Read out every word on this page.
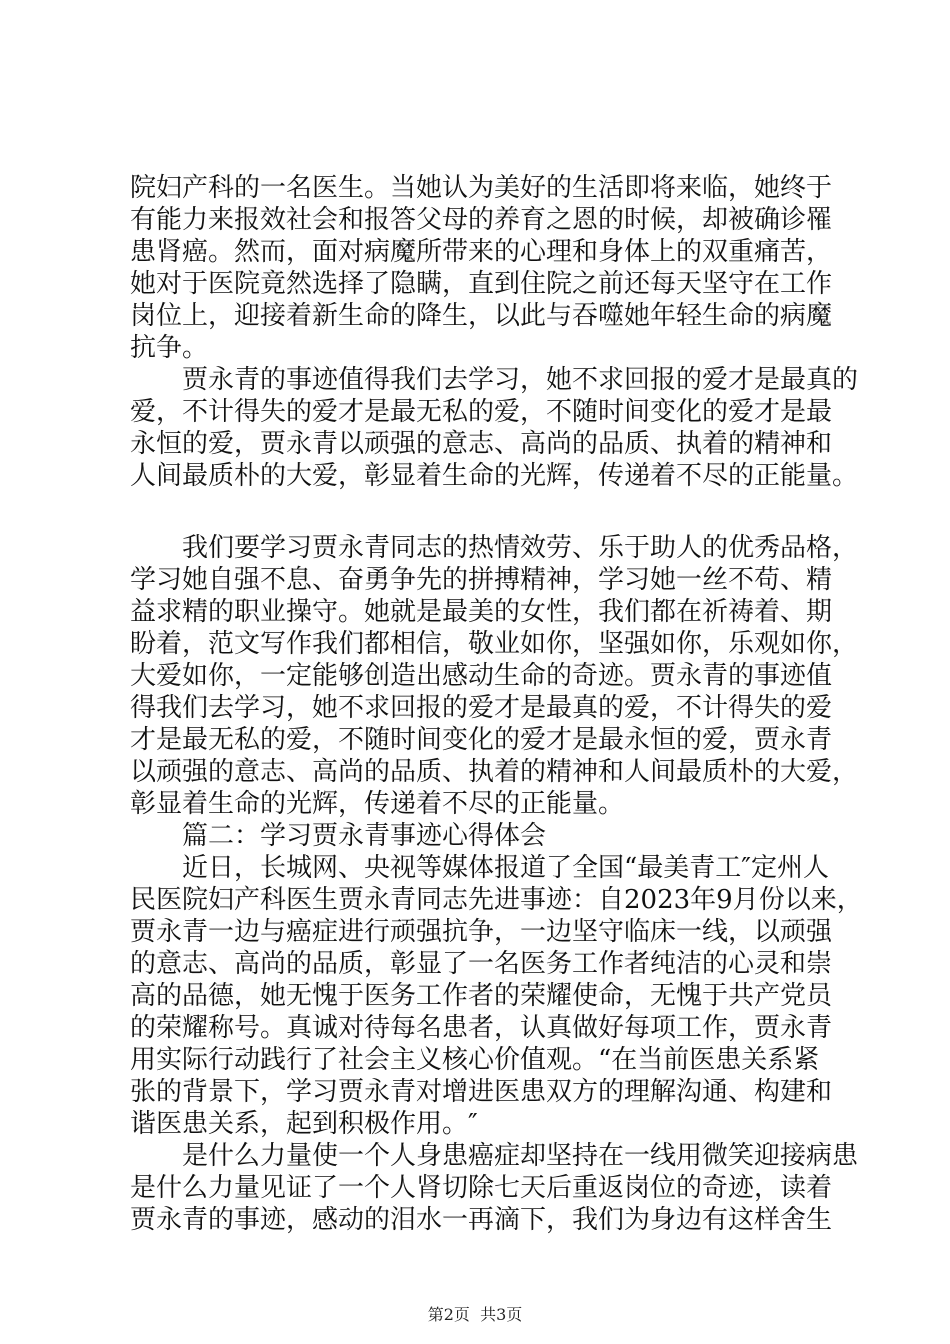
院妇产科的一名医生。当她认为美好的生活即将来临，她终于
有能力来报效社会和报答父母的养育之恩的时候，却被确诊罹
患肾癌。然而，面对病魔所带来的心理和身体上的双重痛苦，
她对于医院竟然选择了隐瞒，直到住院之前还每天坚守在工作
岗位上，迎接着新生命的降生，以此与吞噬她年轻生命的病魔
抗争。
　　贾永青的事迹值得我们去学习，她不求回报的爱才是最真的
爱，不计得失的爱才是最无私的爱，不随时间变化的爱才是最
永恒的爱，贾永青以顽强的意志、高尚的品质、执着的精神和
人间最质朴的大爱，彰显着生命的光辉，传递着不尽的正能量。
　　我们要学习贾永青同志的热情效劳、乐于助人的优秀品格，
学习她自强不息、奋勇争先的拼搏精神，学习她一丝不苟、精
益求精的职业操守。她就是最美的女性，我们都在祈祷着、期
盼着，范文写作我们都相信，敬业如你，坚强如你，乐观如你，
大爱如你，一定能够创造出感动生命的奇迹。贾永青的事迹值
得我们去学习，她不求回报的爱才是最真的爱，不计得失的爱
才是最无私的爱，不随时间变化的爱才是最永恒的爱，贾永青
以顽强的意志、高尚的品质、执着的精神和人间最质朴的大爱，
彰显着生命的光辉，传递着不尽的正能量。
　　篇二：学习贾永青事迹心得体会
　　近日，长城网、央视等媒体报道了全国“最美青工″定州人
民医院妇产科医生贾永青同志先进事迹：自2023年9月份以来，
贾永青一边与癌症进行顽强抗争，一边坚守临床一线，以顽强
的意志、高尚的品质，彰显了一名医务工作者纯洁的心灵和崇
高的品德，她无愧于医务工作者的荣耀使命，无愧于共产党员
的荣耀称号。真诚对待每名患者，认真做好每项工作，贾永青
用实际行动践行了社会主义核心价值观。“在当前医患关系紧
张的背景下，学习贾永青对增进医患双方的理解沟通、构建和
谐医患关系，起到积极作用。″
　　是什么力量使一个人身患癌症却坚持在一线用微笑迎接病患
是什么力量见证了一个人肾切除七天后重返岗位的奇迹，读着
贾永青的事迹，感动的泪水一再滴下，我们为身边有这样舍生
第2页  共3页
